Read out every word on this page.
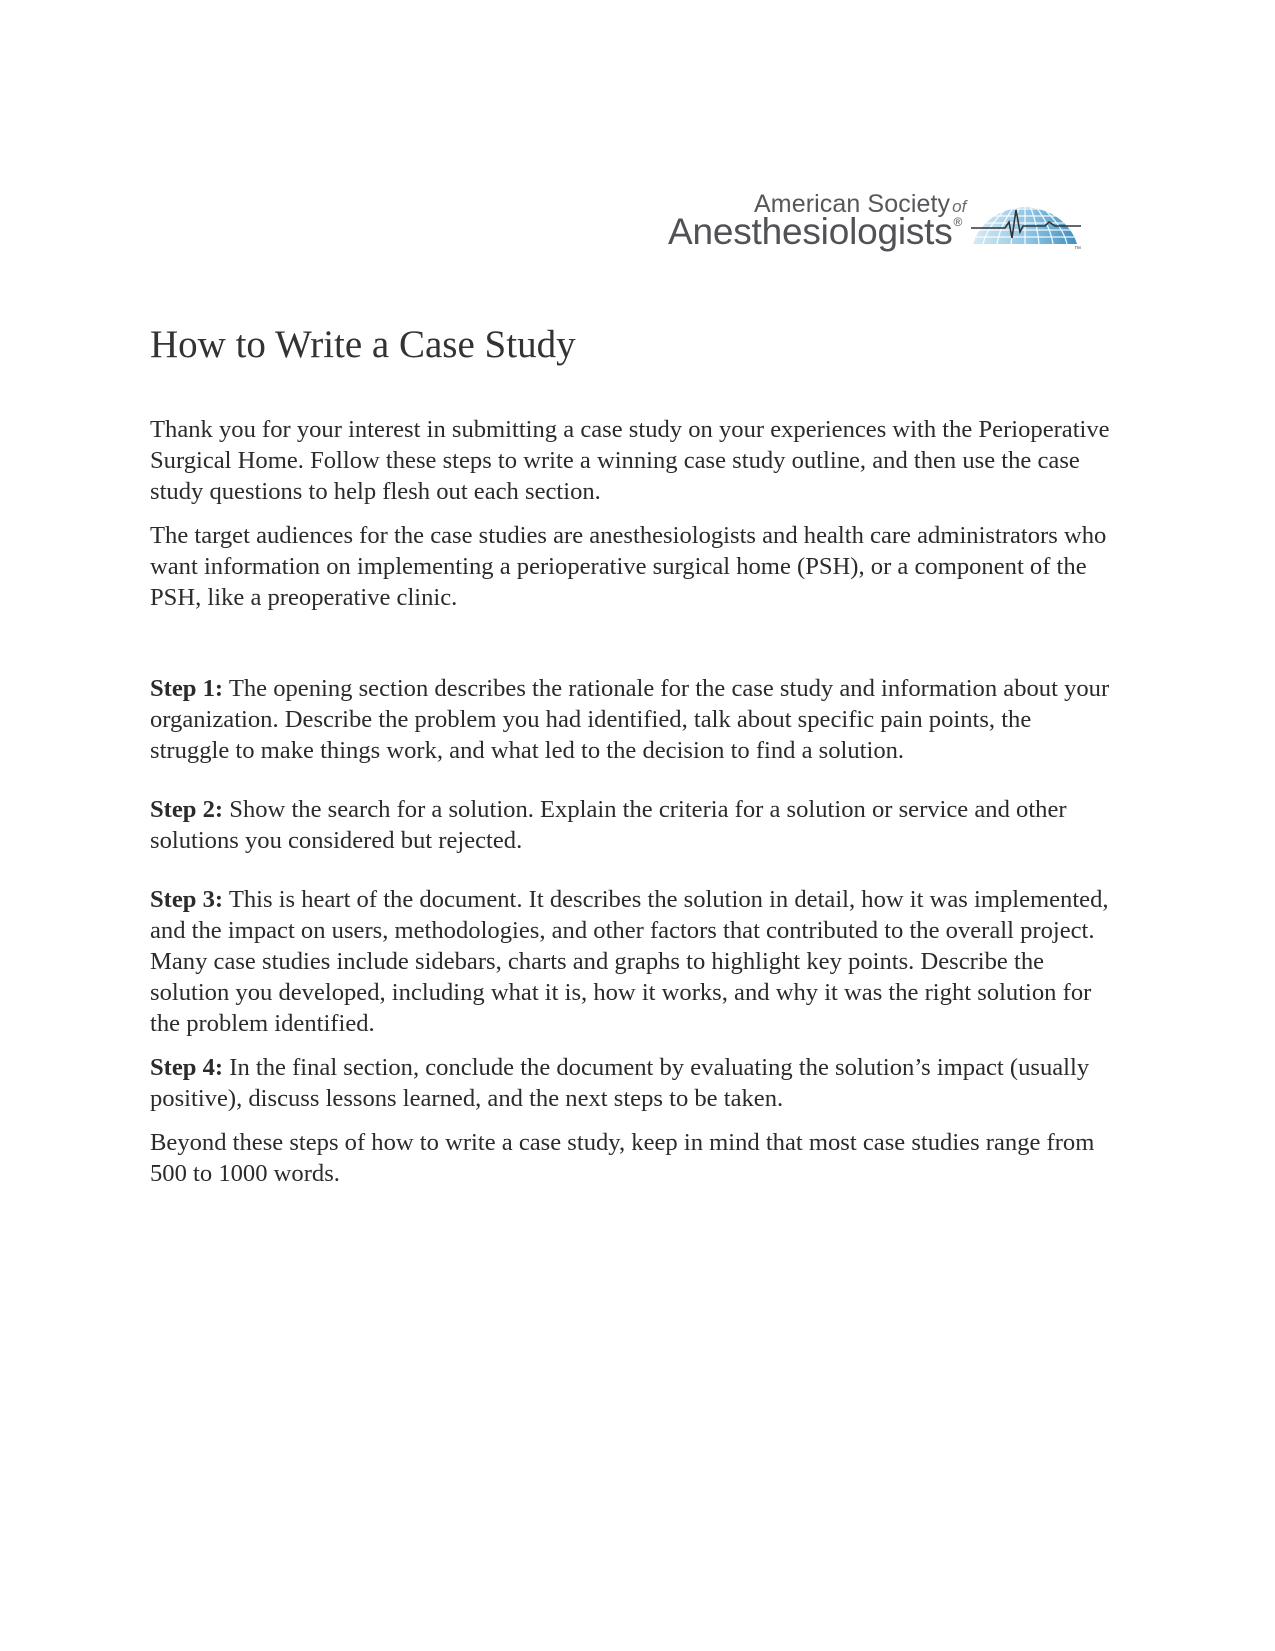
American Society of
Anesthesiologists®
™
How to Write a Case Study

Thank you for your interest in submitting a case study on your experiences with the Perioperative Surgical Home. Follow these steps to write a winning case study outline, and then use the case study questions to help flesh out each section.

The target audiences for the case studies are anesthesiologists and health care administrators who want information on implementing a perioperative surgical home (PSH), or a component of the PSH, like a preoperative clinic.

Step 1: The opening section describes the rationale for the case study and information about your organization. Describe the problem you had identified, talk about specific pain points, the struggle to make things work, and what led to the decision to find a solution.

Step 2: Show the search for a solution. Explain the criteria for a solution or service and other solutions you considered but rejected.

Step 3: This is heart of the document. It describes the solution in detail, how it was implemented, and the impact on users, methodologies, and other factors that contributed to the overall project. Many case studies include sidebars, charts and graphs to highlight key points. Describe the solution you developed, including what it is, how it works, and why it was the right solution for the problem identified.

Step 4: In the final section, conclude the document by evaluating the solution’s impact (usually positive), discuss lessons learned, and the next steps to be taken.

Beyond these steps of how to write a case study, keep in mind that most case studies range from 500 to 1000 words.
